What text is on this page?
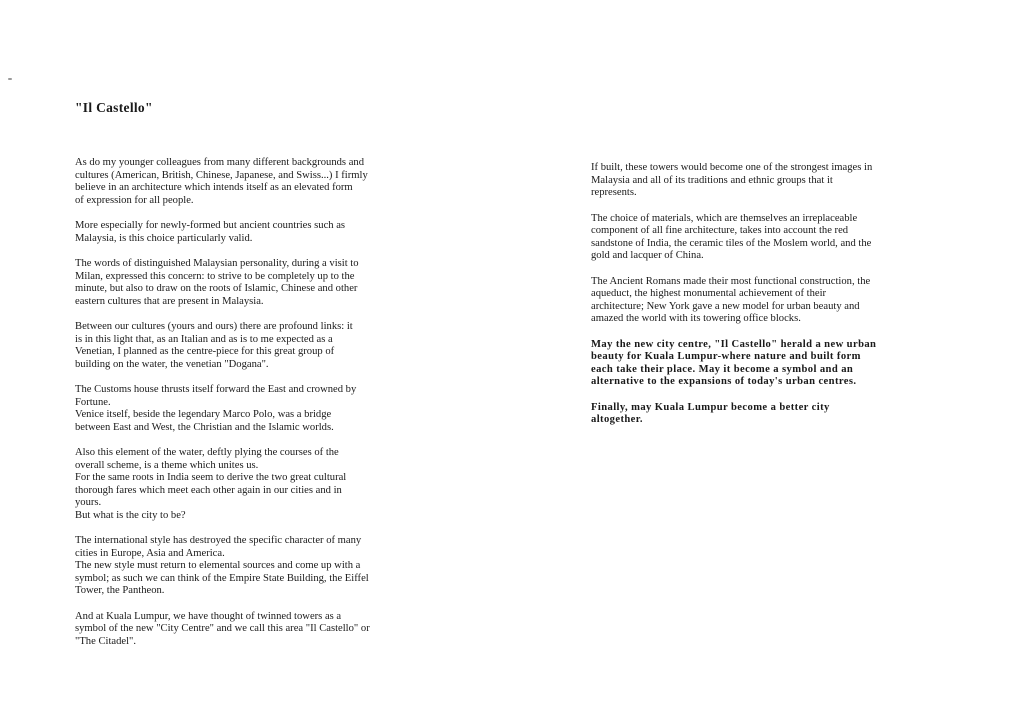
"Il Castello"

As do my younger colleagues from many different backgrounds and
cultures (American, British, Chinese, Japanese, and Swiss...) I firmly
believe in an architecture which intends itself as an elevated form
of expression for all people.

More especially for newly-formed but ancient countries such as
Malaysia, is this choice particularly valid.

The words of distinguished Malaysian personality, during a visit to
Milan, expressed this concern: to strive to be completely up to the
minute, but also to draw on the roots of Islamic, Chinese and other
eastern cultures that are present in Malaysia.

Between our cultures (yours and ours) there are profound links: it
is in this light that, as an Italian and as is to me expected as a
Venetian, I planned as the centre-piece for this great group of
building on the water, the venetian "Dogana".

The Customs house thrusts itself forward the East and crowned by
Fortune.
Venice itself, beside the legendary Marco Polo, was a bridge
between East and West, the Christian and the Islamic worlds.

Also this element of the water, deftly plying the courses of the
overall scheme, is a theme which unites us.
For the same roots in India seem to derive the two great cultural
thorough fares which meet each other again in our cities and in
yours.
But what is the city to be?

The international style has destroyed the specific character of many
cities in Europe, Asia and America.
The new style must return to elemental sources and come up with a
symbol; as such we can think of the Empire State Building, the Eiffel
Tower, the Pantheon.

And at Kuala Lumpur, we have thought of twinned towers as a
symbol of the new "City Centre" and we call this area "Il Castello" or
"The Citadel".

If built, these towers would become one of the strongest images in
Malaysia and all of its traditions and ethnic groups that it
represents.

The choice of materials, which are themselves an irreplaceable
component of all fine architecture, takes into account the red
sandstone of India, the ceramic tiles of the Moslem world, and the
gold and lacquer of China.

The Ancient Romans made their most functional construction, the
aqueduct, the highest monumental achievement of their
architecture; New York gave a new model for urban beauty and
amazed the world with its towering office blocks.

May the new city centre, "Il Castello" herald a new urban
beauty for Kuala Lumpur-where nature and built form
each take their place. May it become a symbol and an
alternative to the expansions of today's urban centres.

Finally, may Kuala Lumpur become a better city
altogether.
